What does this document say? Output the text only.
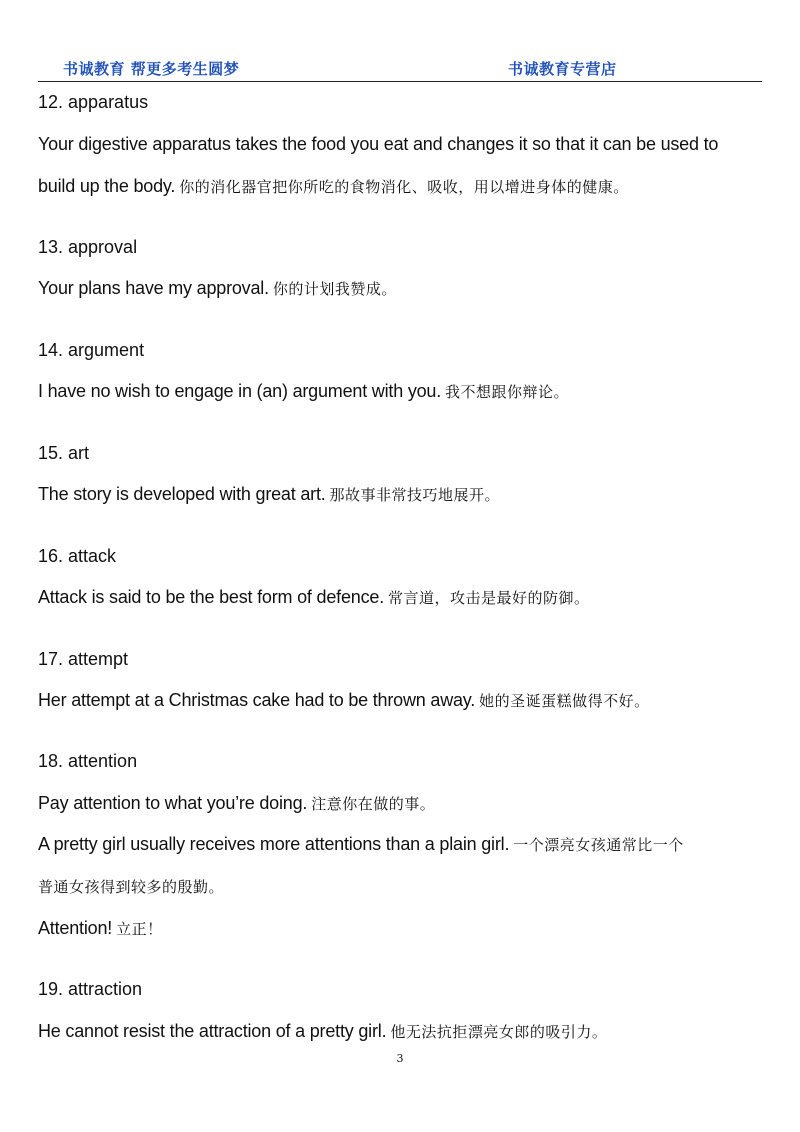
书诚教育 帮更多考生圆梦	书诚教育专营店
12. apparatus
Your digestive apparatus takes the food you eat and changes it so that it can be used to
build up the body. 你的消化器官把你所吃的食物消化、吸收，用以增进身体的健康。
13. approval
Your plans have my approval. 你的计划我赞成。
14. argument
I have no wish to engage in (an) argument with you. 我不想跟你辩论。
15. art
The story is developed with great art. 那故事非常技巧地展开。
16. attack
Attack is said to be the best form of defence. 常言道，攻击是最好的防御。
17. attempt
Her attempt at a Christmas cake had to be thrown away. 她的圣诞蛋糕做得不好。
18. attention
Pay attention to what you’re doing. 注意你在做的事。
A pretty girl usually receives more attentions than a plain girl. 一个漂亮女孩通常比一个
普通女孩得到较多的殷勤。
Attention! 立正！
19. attraction
He cannot resist the attraction of a pretty girl. 他无法抗拒漂亮女郎的吸引力。
3
